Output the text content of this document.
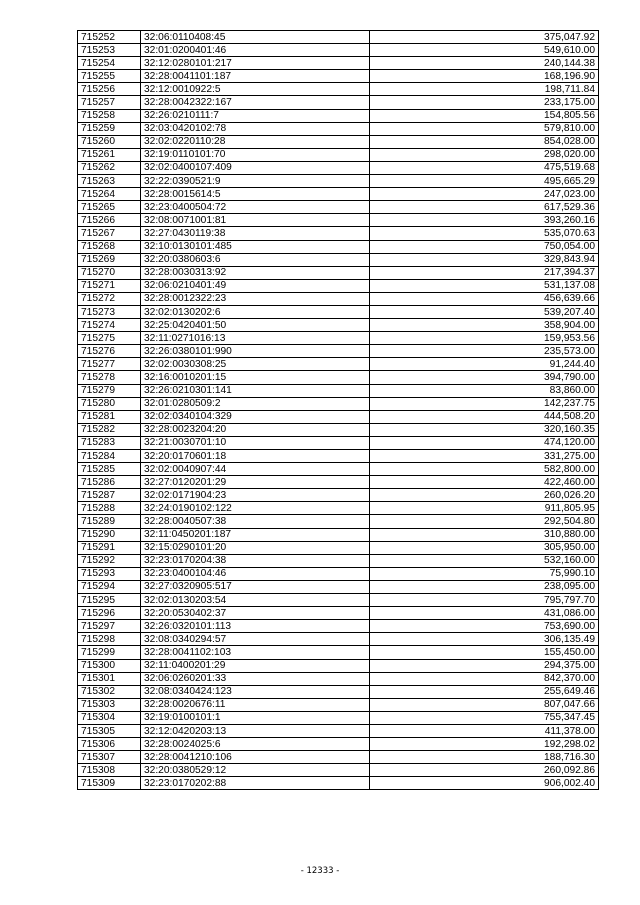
715252	32:06:0110408:45	375,047.92
715253	32:01:0200401:46	549,610.00
715254	32:12:0280101:217	240,144.38
715255	32:28:0041101:187	168,196.90
715256	32:12:0010922:5	198,711.84
715257	32:28:0042322:167	233,175.00
715258	32:26:0210111:7	154,805.56
715259	32:03:0420102:78	579,810.00
715260	32:02:0220110:28	854,028.00
715261	32:19:0110101:70	298,020.00
715262	32:02:0400107:409	475,519.68
715263	32:22:0390521:9	495,665.29
715264	32:28:0015614:5	247,023.00
715265	32:23:0400504:72	617,529.36
715266	32:08:0071001:81	393,260.16
715267	32:27:0430119:38	535,070.63
715268	32:10:0130101:485	750,054.00
715269	32:20:0380603:6	329,843.94
715270	32:28:0030313:92	217,394.37
715271	32:06:0210401:49	531,137.08
715272	32:28:0012322:23	456,639.66
715273	32:02:0130202:6	539,207.40
715274	32:25:0420401:50	358,904.00
715275	32:11:0271016:13	159,953.56
715276	32:26:0380101:990	235,573.00
715277	32:02:0030308:25	91,244.40
715278	32:16:0010201:15	394,790.00
715279	32:26:0210301:141	83,860.00
715280	32:01:0280509:2	142,237.75
715281	32:02:0340104:329	444,508.20
715282	32:28:0023204:20	320,160.35
715283	32:21:0030701:10	474,120.00
715284	32:20:0170601:18	331,275.00
715285	32:02:0040907:44	582,800.00
715286	32:27:0120201:29	422,460.00
715287	32:02:0171904:23	260,026.20
715288	32:24:0190102:122	911,805.95
715289	32:28:0040507:38	292,504.80
715290	32:11:0450201:187	310,880.00
715291	32:15:0290101:20	305,950.00
715292	32:23:0170204:38	532,160.00
715293	32:23:0400104:46	75,990.10
715294	32:27:0320905:517	238,095.00
715295	32:02:0130203:54	795,797.70
715296	32:20:0530402:37	431,086.00
715297	32:26:0320101:113	753,690.00
715298	32:08:0340294:57	306,135.49
715299	32:28:0041102:103	155,450.00
715300	32:11:0400201:29	294,375.00
715301	32:06:0260201:33	842,370.00
715302	32:08:0340424:123	255,649.46
715303	32:28:0020676:11	807,047.66
715304	32:19:0100101:1	755,347.45
715305	32:12:0420203:13	411,378.00
715306	32:28:0024025:6	192,298.02
715307	32:28:0041210:106	188,716.30
715308	32:20:0380529:12	260,092.86
715309	32:23:0170202:88	906,002.40
- 12333 -
